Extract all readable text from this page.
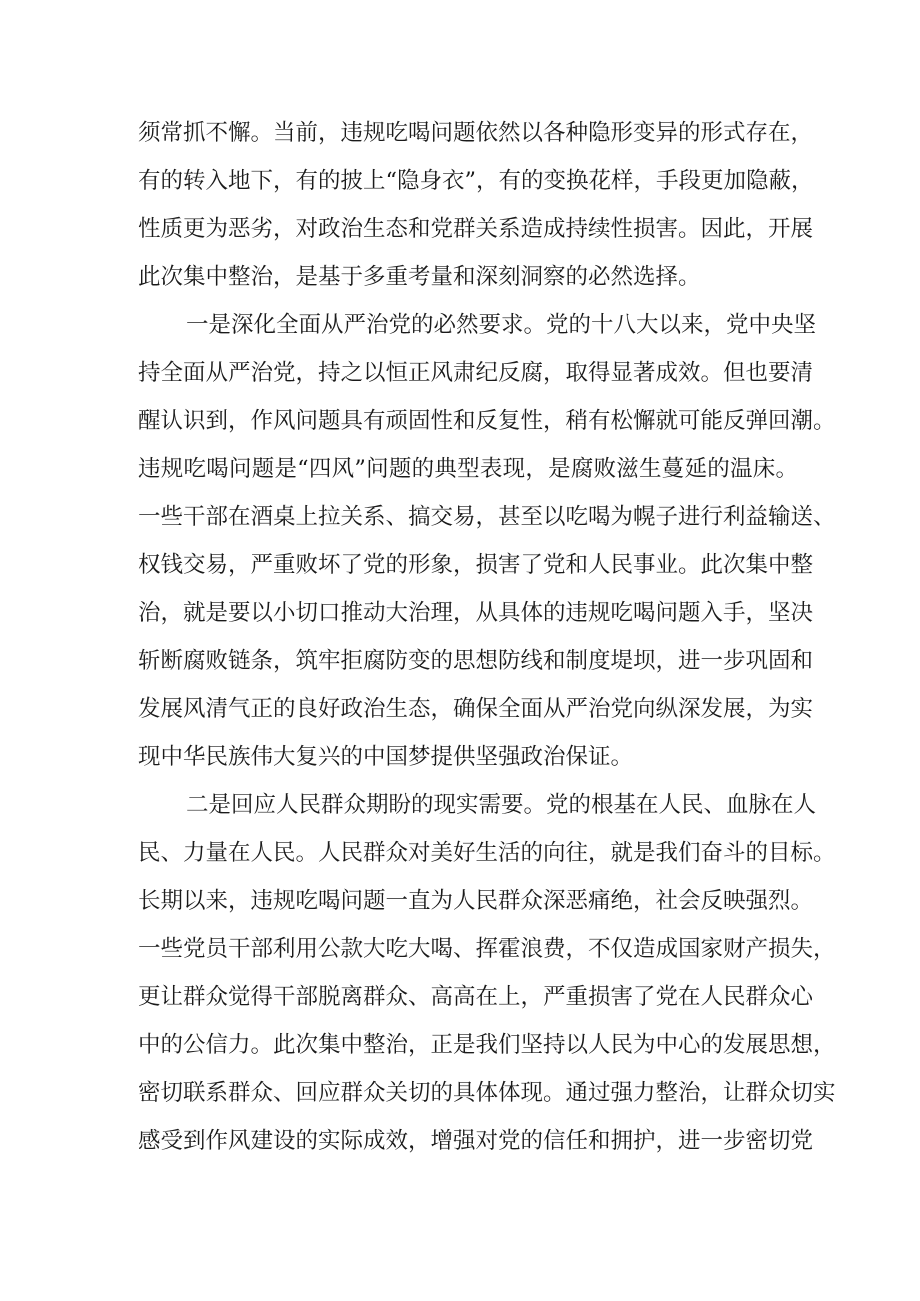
须常抓不懈。当前，违规吃喝问题依然以各种隐形变异的形式存在，
有的转入地下，有的披上“隐身衣”，有的变换花样，手段更加隐蔽，
性质更为恶劣，对政治生态和党群关系造成持续性损害。因此，开展
此次集中整治，是基于多重考量和深刻洞察的必然选择。
一是深化全面从严治党的必然要求。党的十八大以来，党中央坚
持全面从严治党，持之以恒正风肃纪反腐，取得显著成效。但也要清
醒认识到，作风问题具有顽固性和反复性，稍有松懈就可能反弹回潮。
违规吃喝问题是“四风”问题的典型表现，是腐败滋生蔓延的温床。
一些干部在酒桌上拉关系、搞交易，甚至以吃喝为幌子进行利益输送、
权钱交易，严重败坏了党的形象，损害了党和人民事业。此次集中整
治，就是要以小切口推动大治理，从具体的违规吃喝问题入手，坚决
斩断腐败链条，筑牢拒腐防变的思想防线和制度堤坝，进一步巩固和
发展风清气正的良好政治生态，确保全面从严治党向纵深发展，为实
现中华民族伟大复兴的中国梦提供坚强政治保证。
二是回应人民群众期盼的现实需要。党的根基在人民、血脉在人
民、力量在人民。人民群众对美好生活的向往，就是我们奋斗的目标。
长期以来，违规吃喝问题一直为人民群众深恶痛绝，社会反映强烈。
一些党员干部利用公款大吃大喝、挥霍浪费，不仅造成国家财产损失，
更让群众觉得干部脱离群众、高高在上，严重损害了党在人民群众心
中的公信力。此次集中整治，正是我们坚持以人民为中心的发展思想，
密切联系群众、回应群众关切的具体体现。通过强力整治，让群众切实
感受到作风建设的实际成效，增强对党的信任和拥护，进一步密切党
